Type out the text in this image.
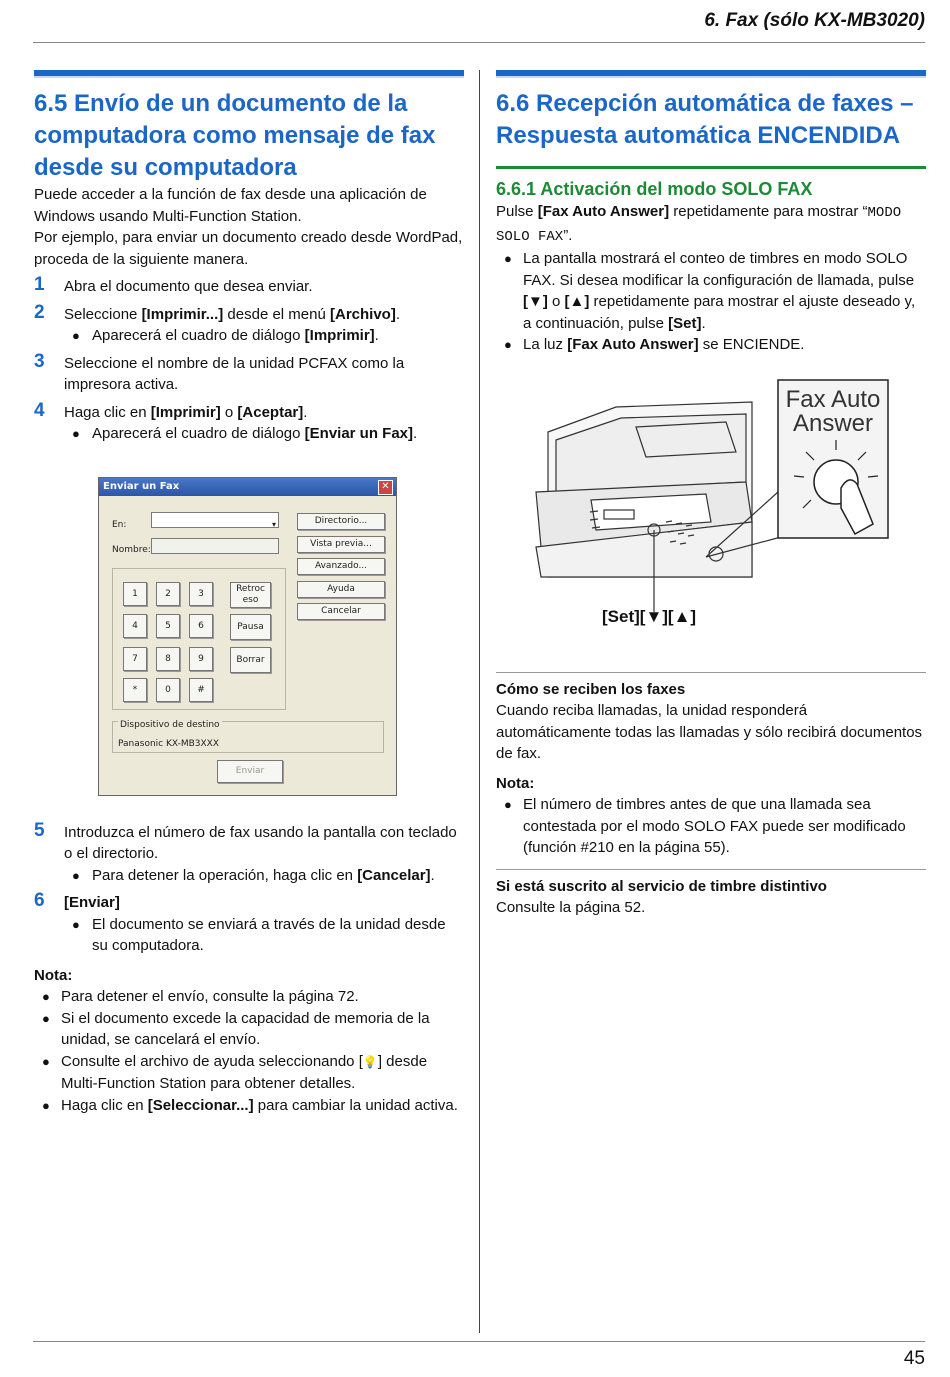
6. Fax (sólo KX-MB3020)
6.5 Envío de un documento de la computadora como mensaje de fax desde su computadora

Puede acceder a la función de fax desde una aplicación de Windows usando Multi-Function Station.

Por ejemplo, para enviar un documento creado desde WordPad, proceda de la siguiente manera.

1 Abra el documento que desea enviar.
2 Seleccione [Imprimir...] desde el menú [Archivo].
● Aparecerá el cuadro de diálogo [Imprimir].
3 Seleccione el nombre de la unidad PCFAX como la impresora activa.
4 Haga clic en [Imprimir] o [Aceptar].
● Aparecerá el cuadro de diálogo [Enviar un Fax].
Enviar un Fax	✕
En:	▾
Nombre:
Directorio...
Vista previa...
Avanzado...
Ayuda
Cancelar
1	2	3
4	5	6
7	8	9
*	0	#
Retroceso
Pausa
Borrar
Dispositivo de destino
Panasonic KX-MB3XXX
Enviar
5 Introduzca el número de fax usando la pantalla con teclado o el directorio.
● Para detener la operación, haga clic en [Cancelar].
6 [Enviar]
● El documento se enviará a través de la unidad desde su computadora.
Nota:
● Para detener el envío, consulte la página 72.
● Si el documento excede la capacidad de memoria de la unidad, se cancelará el envío.
● Consulte el archivo de ayuda seleccionando [💡] desde Multi-Function Station para obtener detalles.
● Haga clic en [Seleccionar...] para cambiar la unidad activa.
6.6 Recepción automática de faxes – Respuesta automática ENCENDIDA
6.6.1 Activación del modo SOLO FAX

Pulse [Fax Auto Answer] repetidamente para mostrar “MODO SOLO FAX”.

● La pantalla mostrará el conteo de timbres en modo SOLO FAX. Si desea modificar la configuración de llamada, pulse [▼] o [▲] repetidamente para mostrar el ajuste deseado y, a continuación, pulse [Set].
● La luz [Fax Auto Answer] se ENCIENDE.
Fax Auto Answer
[Set][▼][▲]
Cómo se reciben los faxes

Cuando reciba llamadas, la unidad responderá automáticamente todas las llamadas y sólo recibirá documentos de fax.

Nota:
● El número de timbres antes de que una llamada sea contestada por el modo SOLO FAX puede ser modificado (función #210 en la página 55).
Si está suscrito al servicio de timbre distintivo

Consulte la página 52.

45
